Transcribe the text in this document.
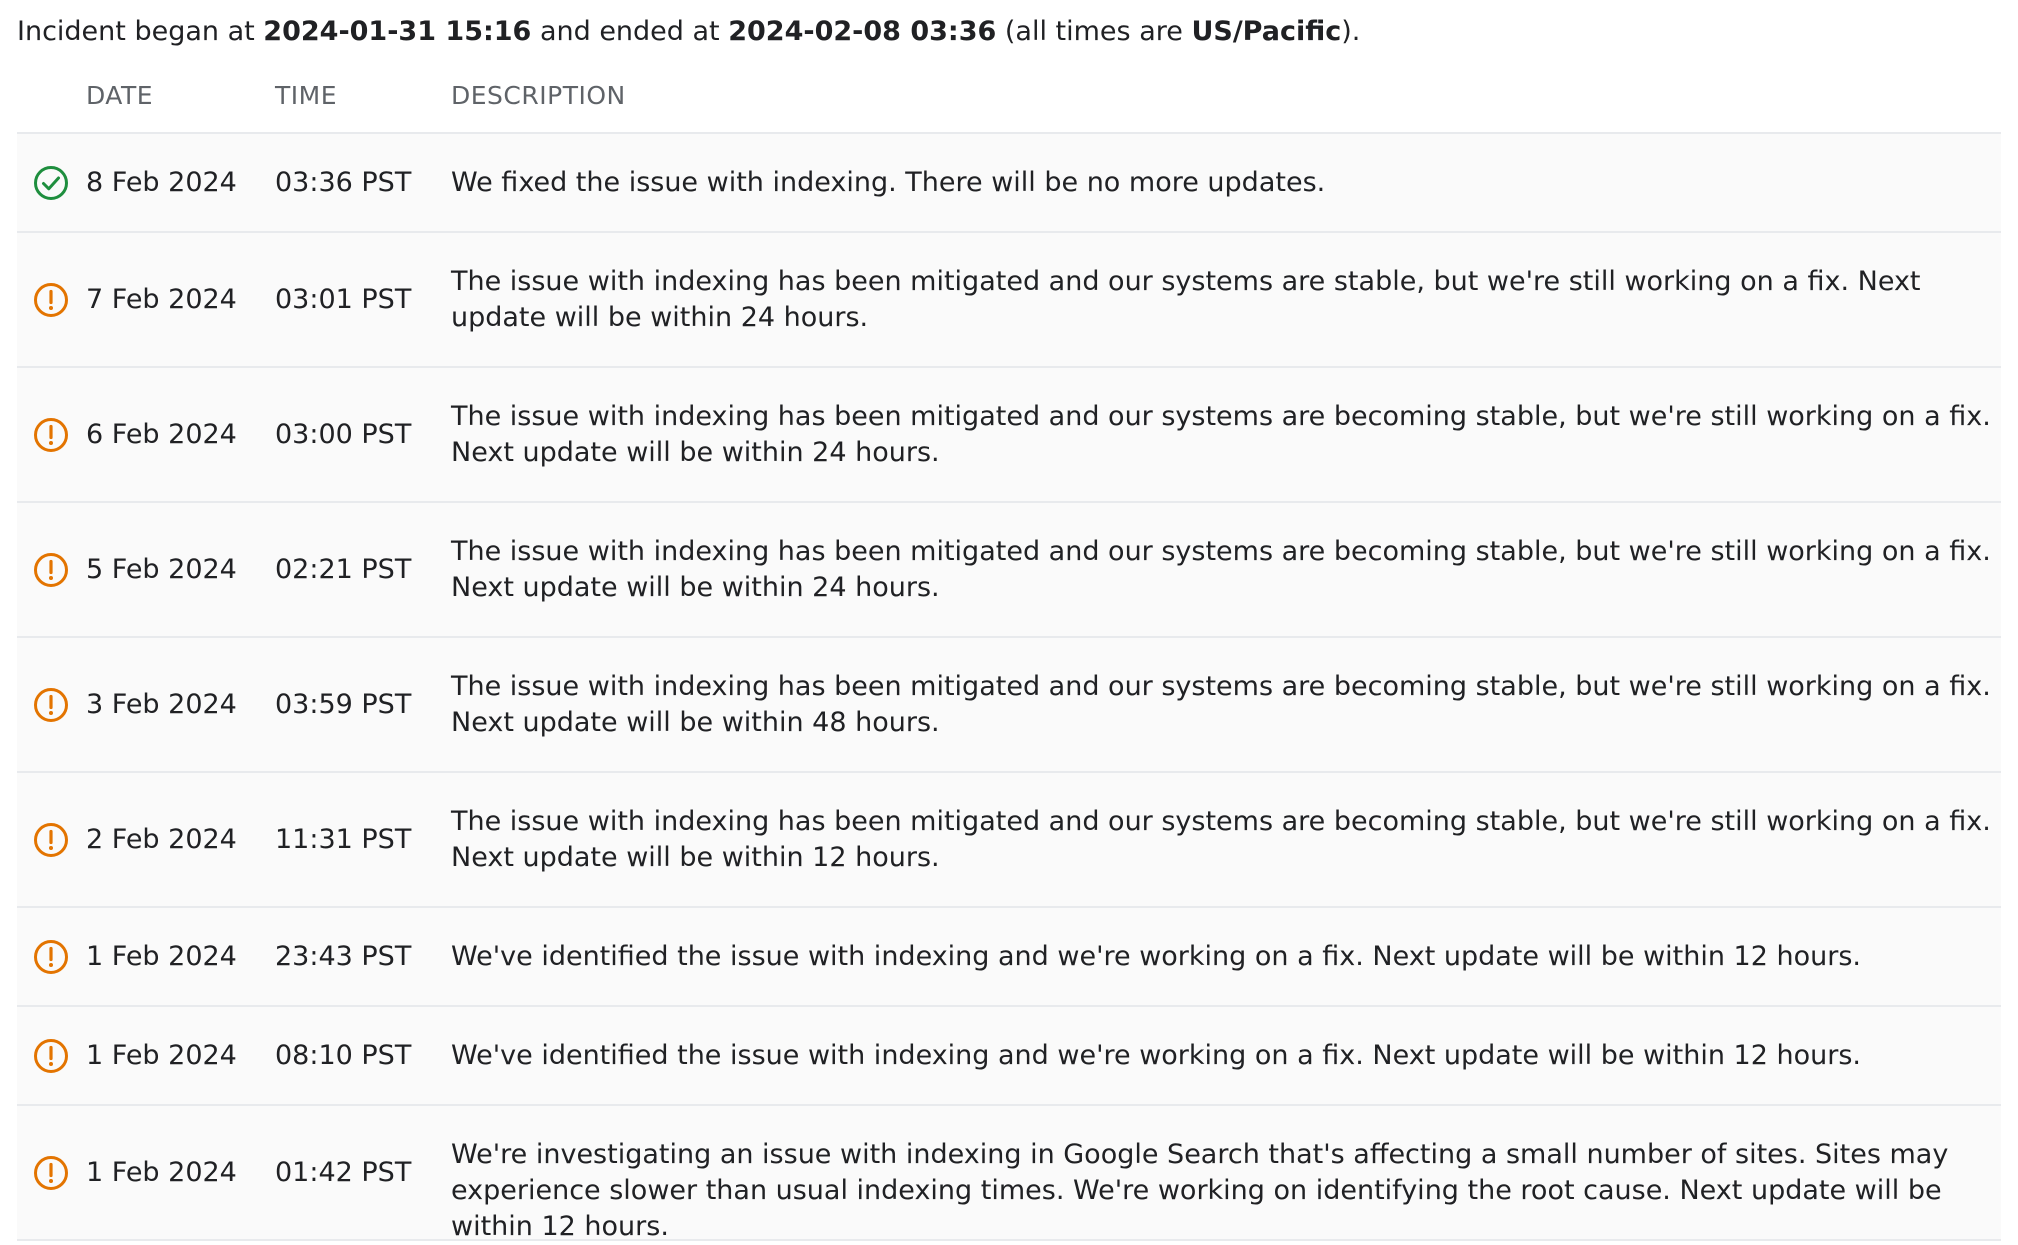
Incident began at 2024-01-31 15:16 and ended at 2024-02-08 03:36 (all times are US/Pacific).
DATE	TIME	DESCRIPTION
8 Feb 2024 03:36 PST We fixed the issue with indexing. There will be no more updates.
7 Feb 2024 03:01 PST
The issue with indexing has been mitigated and our systems are stable, but we're still working on a fix. Next update will be within 24 hours.
6 Feb 2024 03:00 PST
The issue with indexing has been mitigated and our systems are becoming stable, but we're still working on a fix. Next update will be within 24 hours.
5 Feb 2024 02:21 PST
The issue with indexing has been mitigated and our systems are becoming stable, but we're still working on a fix. Next update will be within 24 hours.
3 Feb 2024 03:59 PST
The issue with indexing has been mitigated and our systems are becoming stable, but we're still working on a fix. Next update will be within 48 hours.
2 Feb 2024 11:31 PST
The issue with indexing has been mitigated and our systems are becoming stable, but we're still working on a fix. Next update will be within 12 hours.
1 Feb 2024 23:43 PST We've identified the issue with indexing and we're working on a fix. Next update will be within 12 hours.
1 Feb 2024 08:10 PST We've identified the issue with indexing and we're working on a fix. Next update will be within 12 hours.
1 Feb 2024 01:42 PST
We're investigating an issue with indexing in Google Search that's affecting a small number of sites. Sites may experience slower than usual indexing times. We're working on identifying the root cause. Next update will be within 12 hours.
